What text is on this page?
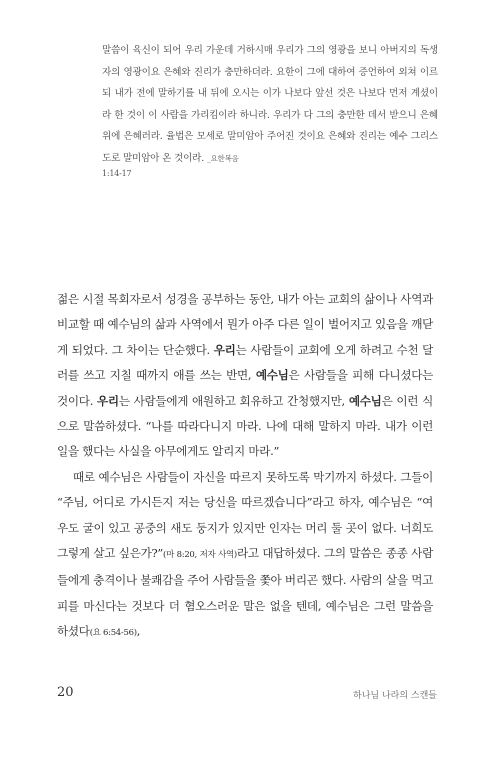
말씀이 육신이 되어 우리 가운데 거하시매 우리가 그의 영광을 보니 아버지의 독생자의 영광이요 은혜와 진리가 충만하더라. 요한이 그에 대하여 증언하여 외쳐 이르되 내가 전에 말하기를 내 뒤에 오시는 이가 나보다 앞선 것은 나보다 먼저 계셨이라 한 것이 이 사람을 가리킴이라 하니라. 우리가 다 그의 충만한 데서 받으니 은혜 위에 은혜러라. 율법은 모세로 말미암아 주어진 것이요 은혜와 진리는 예수 그리스도로 말미암아 온 것이라. _요한복음
1:14-17

젊은 시절 목회자로서 성경을 공부하는 동안, 내가 아는 교회의 삶이나 사역과 비교할 때 예수님의 삶과 사역에서 뭔가 아주 다른 일이 벌어지고 있음을 깨닫게 되었다. 그 차이는 단순했다. 우리는 사람들이 교회에 오게 하려고 수천 달러를 쓰고 지칠 때까지 애를 쓰는 반면, 예수님은 사람들을 피해 다니셨다는 것이다. 우리는 사람들에게 애원하고 회유하고 간청했지만, 예수님은 이런 식으로 말씀하셨다. “나를 따라다니지 마라. 나에 대해 말하지 마라. 내가 이런 일을 했다는 사실을 아무에게도 알리지 마라.”

때로 예수님은 사람들이 자신을 따르지 못하도록 막기까지 하셨다. 그들이 “주님, 어디로 가시든지 저는 당신을 따르겠습니다”라고 하자, 예수님은 “여우도 굴이 있고 공중의 새도 둥지가 있지만 인자는 머리 둘 곳이 없다. 너희도 그렇게 살고 싶은가?”(마 8:20, 저자 사역)라고 대답하셨다. 그의 말씀은 종종 사람들에게 충격이나 불쾌감을 주어 사람들을 쫓아 버리곤 했다. 사람의 살을 먹고 피를 마신다는 것보다 더 혐오스러운 말은 없을 텐데, 예수님은 그런 말씀을 하셨다(요 6:54-56),

20	하나님 나라의 스캔들
